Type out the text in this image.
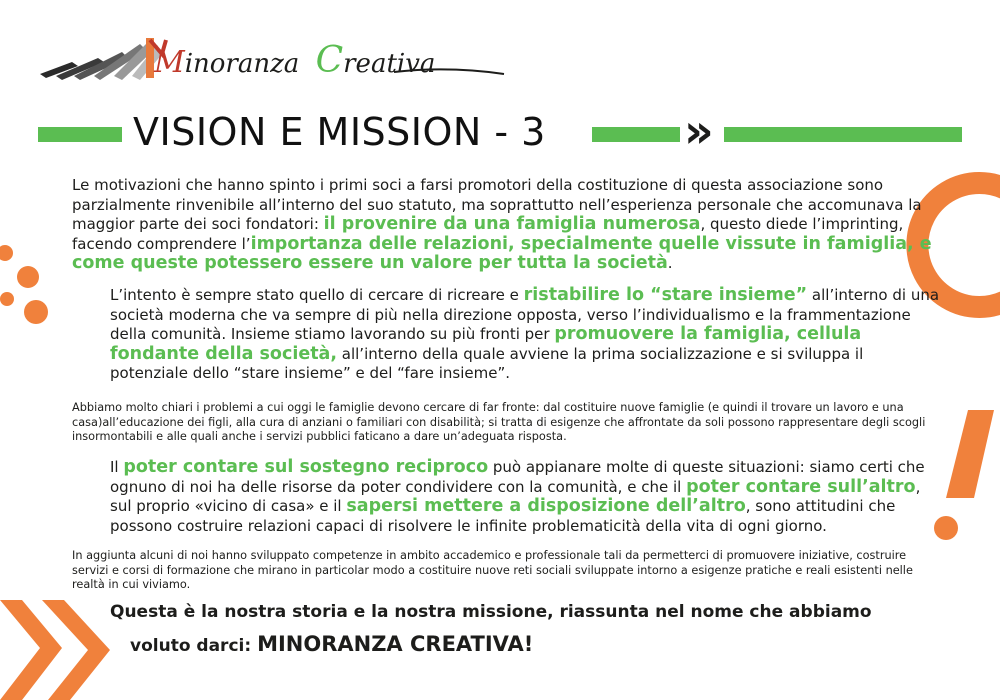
Minoranza Creativa
VISION E MISSION - 3	»

Le motivazioni che hanno spinto i primi soci a farsi promotori della costituzione di questa associazione sono parzialmente rinvenibile all’interno del suo statuto, ma soprattutto nell’esperienza personale che accomunava la maggior parte dei soci fondatori: il provenire da una famiglia numerosa, questo diede l’imprinting, facendo comprendere l’importanza delle relazioni, specialmente quelle vissute in famiglia, e come queste potessero essere un valore per tutta la società.

L’intento è sempre stato quello di cercare di ricreare e ristabilire lo “stare insieme” all’interno di una società moderna che va sempre di più nella direzione opposta, verso l’individualismo e la frammentazione della comunità. Insieme stiamo lavorando su più fronti per promuovere la famiglia, cellula fondante della società, all’interno della quale avviene la prima socializzazione e si sviluppa il potenziale dello “stare insieme” e del “fare insieme”.

Abbiamo molto chiari i problemi a cui oggi le famiglie devono cercare di far fronte: dal costituire nuove famiglie (e quindi il trovare un lavoro e una casa)all’educazione dei figli, alla cura di anziani o familiari con disabilità; si tratta di esigenze che affrontate da soli possono rappresentare degli scogli insormontabili e alle quali anche i servizi pubblici faticano a dare un’adeguata risposta.

Il poter contare sul sostegno reciproco può appianare molte di queste situazioni: siamo certi che ognuno di noi ha delle risorse da poter condividere con la comunità, e che il poter contare sull’altro, sul proprio «vicino di casa» e il sapersi mettere a disposizione dell’altro, sono attitudini che possono costruire relazioni capaci di risolvere le infinite problematicità della vita di ogni giorno.

In aggiunta alcuni di noi hanno sviluppato competenze in ambito accademico e professionale tali da permetterci di promuovere iniziative, costruire servizi e corsi di formazione che mirano in particolar modo a costituire nuove reti sociali sviluppate intorno a esigenze pratiche e reali esistenti nelle realtà in cui viviamo.

Questa è la nostra storia e la nostra missione, riassunta nel nome che abbiamo
voluto darci: MINORANZA CREATIVA!
